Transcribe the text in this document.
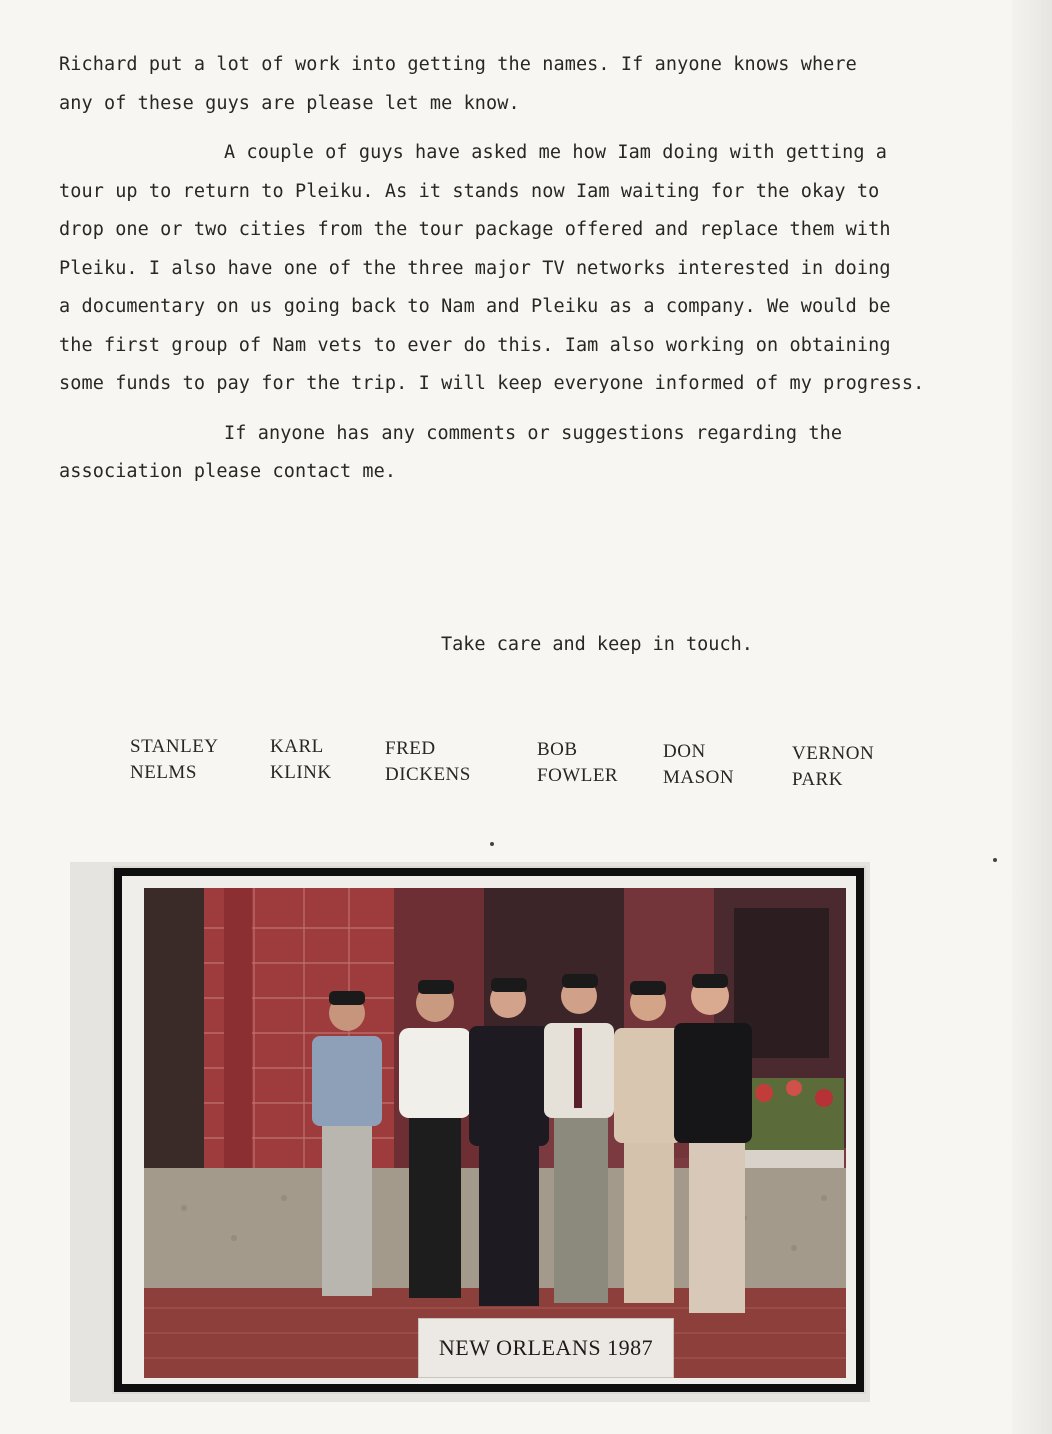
Richard put a lot of work into getting the names. If anyone knows where
any of these guys are please let me know.

A couple of guys have asked me how Iam doing with getting a
tour up to return to Pleiku. As it stands now Iam waiting for the okay to
drop one or two cities from the tour package offered and replace them with
Pleiku. I also have one of the three major TV networks interested in doing
a documentary on us going back to Nam and Pleiku as a company. We would be
the first group of Nam vets to ever do this. Iam also working on obtaining
some funds to pay for the trip. I will keep everyone informed of my progress.

If anyone has any comments or suggestions regarding the
association please contact me.

Take care and keep in touch.
STANLEY
NELMS
KARL
KLINK
FRED
DICKENS
BOB
FOWLER
DON
MASON
VERNON
PARK
NEW ORLEANS 1987
